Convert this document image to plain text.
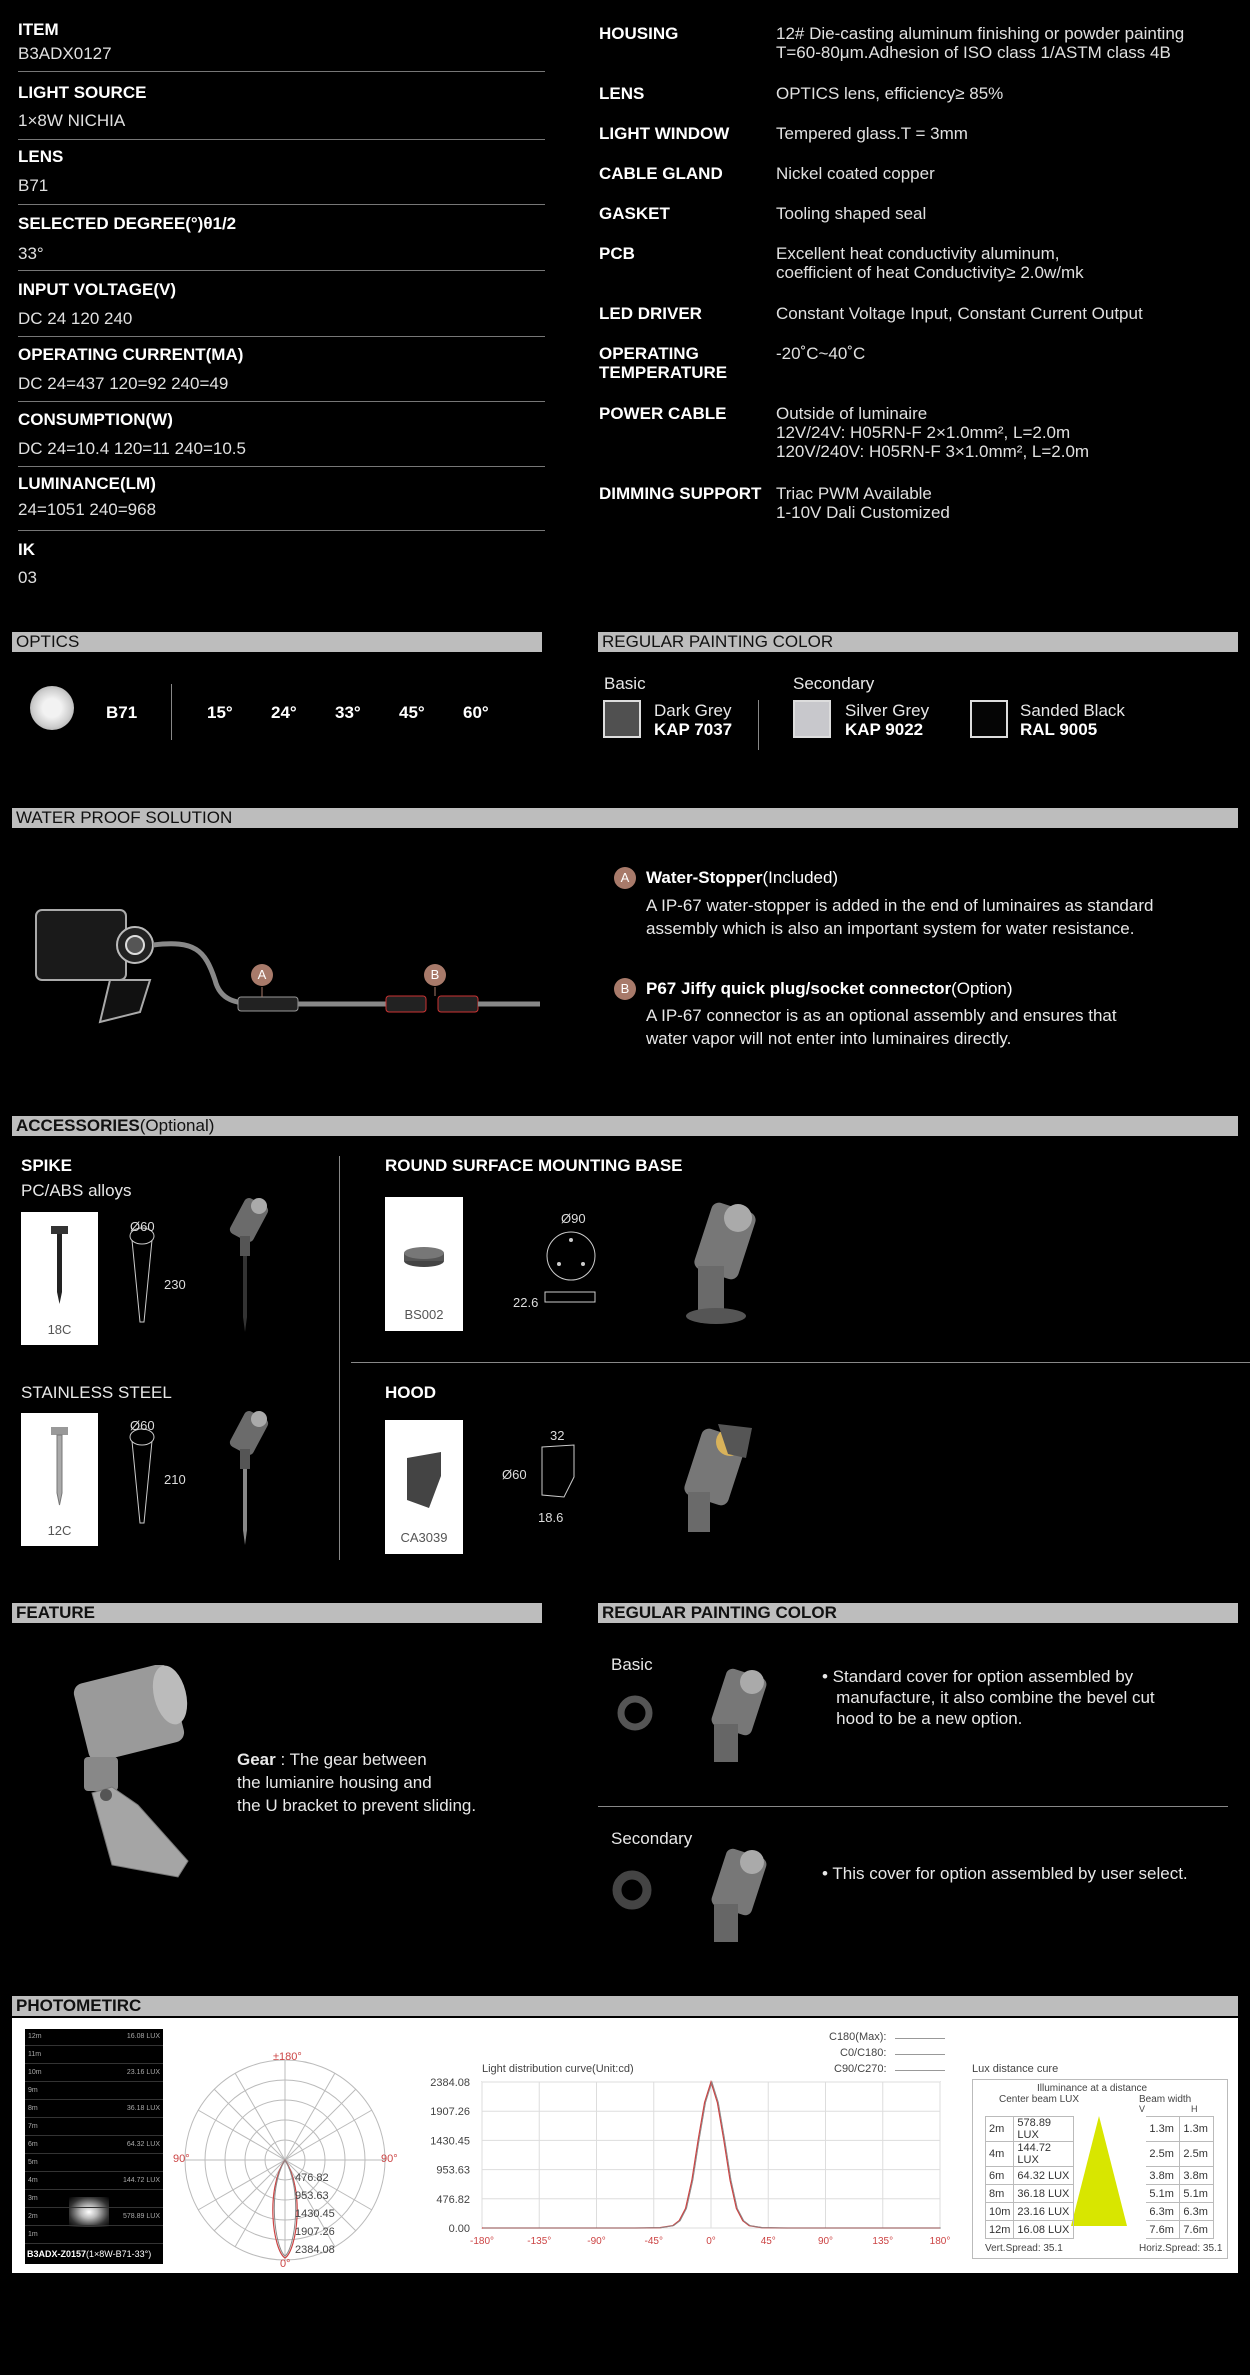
ITEM
B3ADX0127
LIGHT SOURCE
1×8W NICHIA
LENS
B71
SELECTED DEGREE(°)θ1/2
33°
INPUT VOLTAGE(V)
DC 24 120 240
OPERATING CURRENT(MA)
DC 24=437 120=92 240=49
CONSUMPTION(W)
DC 24=10.4 120=11 240=10.5
LUMINANCE(LM)
24=1051 240=968
IK
03

HOUSING	12# Die-casting aluminum finishing or powder painting
T=60-80μm.Adhesion of ISO class 1/ASTM class 4B

LENS	OPTICS lens, efficiency≥ 85%

LIGHT WINDOW	Tempered glass.T = 3mm

CABLE GLAND	Nickel coated copper

GASKET	Tooling shaped seal

PCB	Excellent heat conductivity aluminum,
coefficient of heat Conductivity≥ 2.0w/mk

LED DRIVER	Constant Voltage Input, Constant Current Output

OPERATING
TEMPERATURE

-20˚C~40˚C

POWER CABLE	Outside of luminaire
12V/24V: H05RN-F 2×1.0mm², L=2.0m
120V/240V: H05RN-F 3×1.0mm², L=2.0m

DIMMING SUPPORT Triac PWM Available
1-10V Dali Customized

OPTICS
B71	15° 24° 33° 45° 60°
REGULAR PAINTING COLOR
Basic	Secondary
Dark Grey
KAP 7037
Silver Grey
KAP 9022
Sanded Black
RAL 9005
WATER PROOF SOLUTION
A	B
A Water-Stopper(Included)
A IP-67 water-stopper is added in the end of luminaires as standard
assembly which is also an important system for water resistance.
B P67 Jiffy quick plug/socket connector(Option)
A IP-67 connector is as an optional assembly and ensures that
water vapor will not enter into luminaires directly.
ACCESSORIES(Optional)
SPIKE
PC/ABS alloys
18C
Ø60
230
ROUND SURFACE MOUNTING BASE
BS002
Ø90
22.6
STAINLESS STEEL
12C
Ø60
210
HOOD
CA3039
32
Ø60
18.6
FEATURE
Gear : The gear between
the lumianire housing and
the U bracket to prevent sliding.
REGULAR PAINTING COLOR
Basic
• Standard cover for option assembled by
manufacture, it also combine the bevel cut
hood to be a new option.
Secondary
• This cover for option assembled by user select.
PHOTOMETIRC
12m	16.08 LUX
11m
10m	23.16 LUX
9m
8m	36.18 LUX
7m
6m	64.32 LUX
5m
4m	144.72 LUX
3m
2m	578.89 LUX
1m
B3ADX-Z0157(1×8W-B71-33°)
±180°
90°	90°
0°
476.82
953.63
1430.45
1907.26
2384.08
C180(Max):
C0/C180:
C90/C270:
Light distribution curve(Unit:cd)
-180°	-135°	-90°	-45°	0°	45°	90°	135°	180°
0.00
476.82
953.63
1430.45
1907.26
2384.08
Lux distance cure
Illuminance at a distance
Center beam LUX	Beam width
V	H
2m	578.89 LUX		1.3m	1.3m
4m	144.72 LUX		2.5m	2.5m
6m	64.32 LUX		3.8m	3.8m
8m	36.18 LUX		5.1m	5.1m
10m	23.16 LUX		6.3m	6.3m
12m	16.08 LUX		7.6m	7.6m
Vert.Spread: 35.1	Horiz.Spread: 35.1
